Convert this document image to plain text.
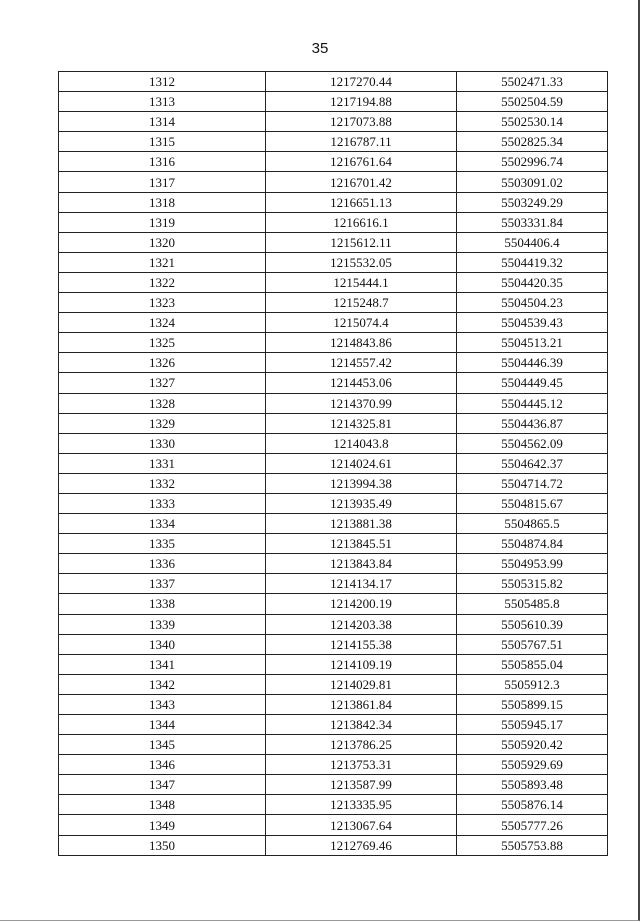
35
1312	1217270.44	5502471.33
1313	1217194.88	5502504.59
1314	1217073.88	5502530.14
1315	1216787.11	5502825.34
1316	1216761.64	5502996.74
1317	1216701.42	5503091.02
1318	1216651.13	5503249.29
1319	1216616.1	5503331.84
1320	1215612.11	5504406.4
1321	1215532.05	5504419.32
1322	1215444.1	5504420.35
1323	1215248.7	5504504.23
1324	1215074.4	5504539.43
1325	1214843.86	5504513.21
1326	1214557.42	5504446.39
1327	1214453.06	5504449.45
1328	1214370.99	5504445.12
1329	1214325.81	5504436.87
1330	1214043.8	5504562.09
1331	1214024.61	5504642.37
1332	1213994.38	5504714.72
1333	1213935.49	5504815.67
1334	1213881.38	5504865.5
1335	1213845.51	5504874.84
1336	1213843.84	5504953.99
1337	1214134.17	5505315.82
1338	1214200.19	5505485.8
1339	1214203.38	5505610.39
1340	1214155.38	5505767.51
1341	1214109.19	5505855.04
1342	1214029.81	5505912.3
1343	1213861.84	5505899.15
1344	1213842.34	5505945.17
1345	1213786.25	5505920.42
1346	1213753.31	5505929.69
1347	1213587.99	5505893.48
1348	1213335.95	5505876.14
1349	1213067.64	5505777.26
1350	1212769.46	5505753.88
